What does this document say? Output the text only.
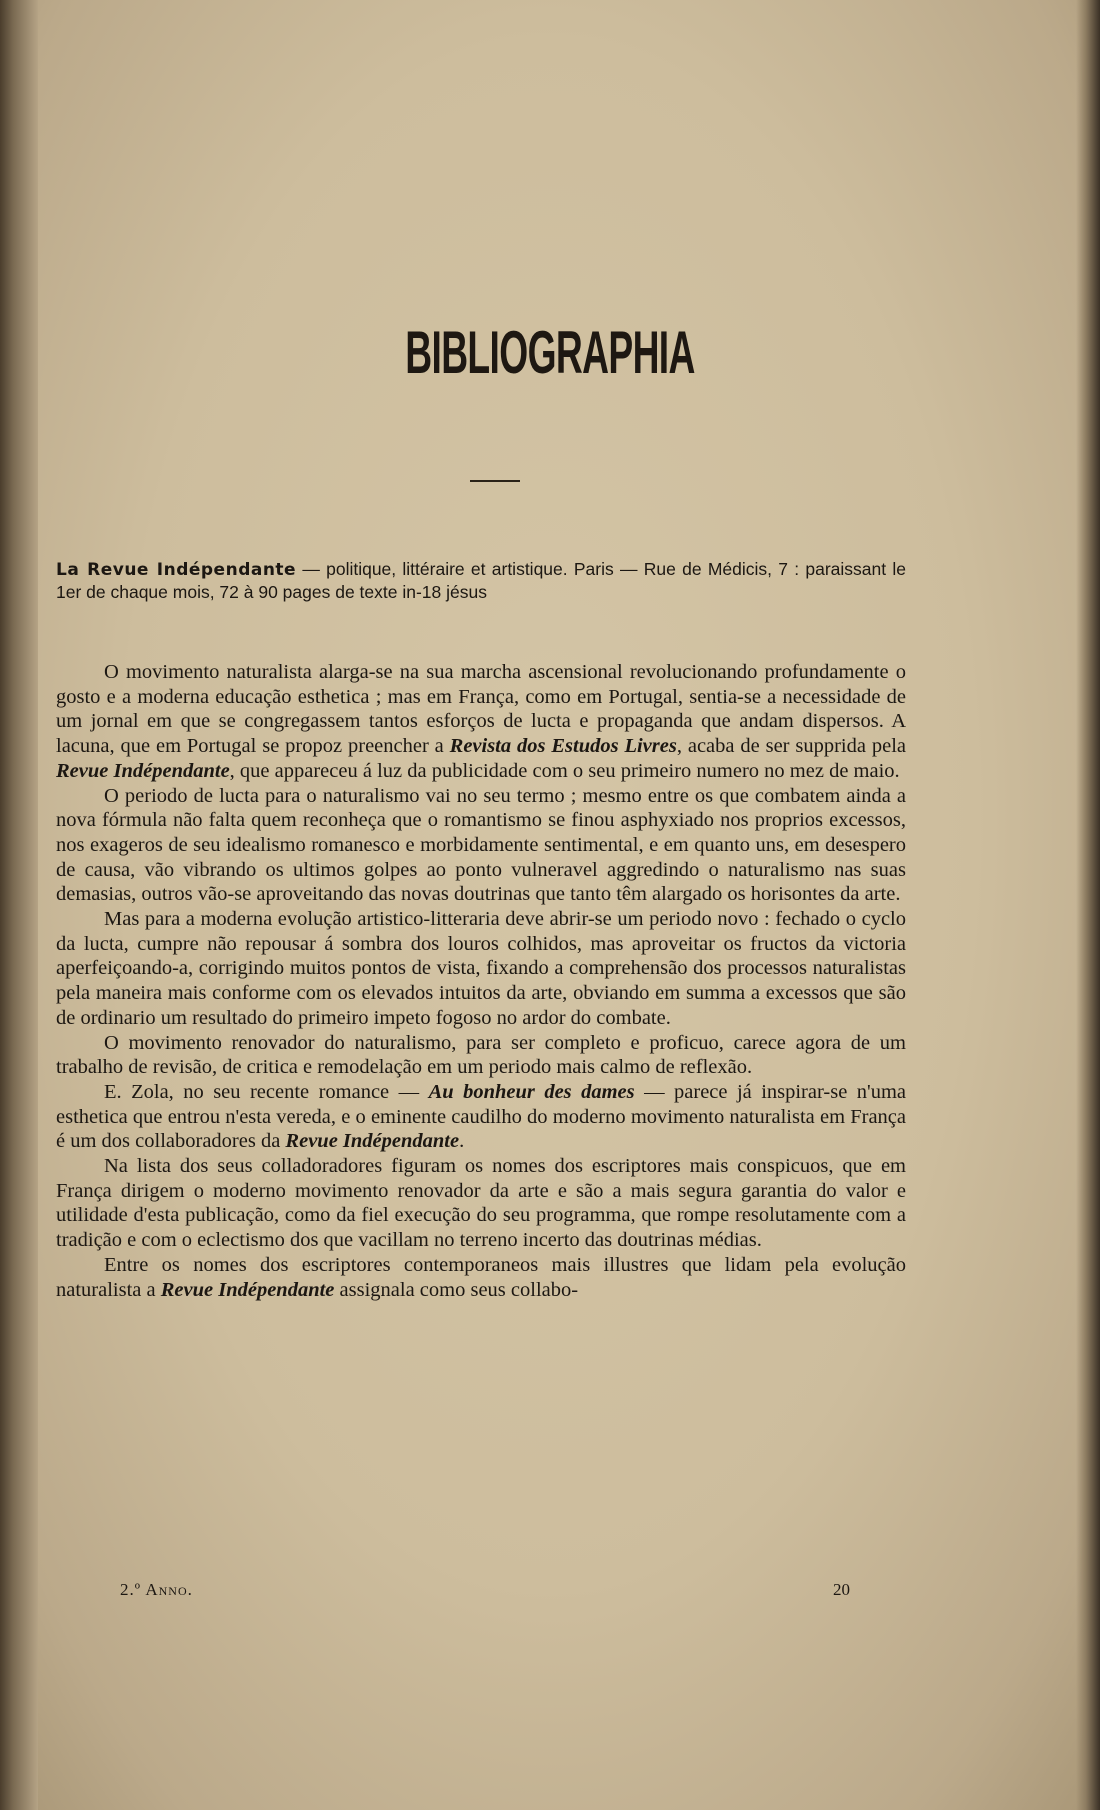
BIBLIOGRAPHIA
La Revue Indépendante — politique, littéraire et artistique. Paris — Rue de Médicis, 7 : paraissant le 1er de chaque mois, 72 à 90 pages de texte in-18 jésus

O movimento naturalista alarga-se na sua marcha ascensional revolucionando profundamente o gosto e a moderna educação esthetica ; mas em França, como em Portugal, sentia-se a necessidade de um jornal em que se congregassem tantos esforços de lucta e propaganda que andam dispersos. A lacuna, que em Portugal se propoz preencher a Revista dos Estudos Livres, acaba de ser supprida pela Revue Indépendante, que appareceu á luz da publicidade com o seu primeiro numero no mez de maio.

O periodo de lucta para o naturalismo vai no seu termo ; mesmo entre os que combatem ainda a nova fórmula não falta quem reconheça que o romantismo se finou asphyxiado nos proprios excessos, nos exageros de seu idealismo romanesco e morbidamente sentimental, e em quanto uns, em desespero de causa, vão vibrando os ultimos golpes ao ponto vulneravel aggredindo o naturalismo nas suas demasias, outros vão-se aproveitando das novas doutrinas que tanto têm alargado os horisontes da arte.

Mas para a moderna evolução artistico-litteraria deve abrir-se um periodo novo : fechado o cyclo da lucta, cumpre não repousar á sombra dos louros colhidos, mas aproveitar os fructos da victoria aperfeiçoando-a, corrigindo muitos pontos de vista, fixando a comprehensão dos processos naturalistas pela maneira mais conforme com os elevados intuitos da arte, obviando em summa a excessos que são de ordinario um resultado do primeiro impeto fogoso no ardor do combate.

O movimento renovador do naturalismo, para ser completo e proficuo, carece agora de um trabalho de revisão, de critica e remodelação em um periodo mais calmo de reflexão.

E. Zola, no seu recente romance — Au bonheur des dames — parece já inspirar-se n'uma esthetica que entrou n'esta vereda, e o eminente caudilho do moderno movimento naturalista em França é um dos collaboradores da Revue Indépendante.

Na lista dos seus colladoradores figuram os nomes dos escriptores mais conspicuos, que em França dirigem o moderno movimento renovador da arte e são a mais segura garantia do valor e utilidade d'esta publicação, como da fiel execução do seu programma, que rompe resolutamente com a tradição e com o eclectismo dos que vacillam no terreno incerto das doutrinas médias.

Entre os nomes dos escriptores contemporaneos mais illustres que lidam pela evolução naturalista a Revue Indépendante assignala como seus collabo-

2.º Anno.	20
